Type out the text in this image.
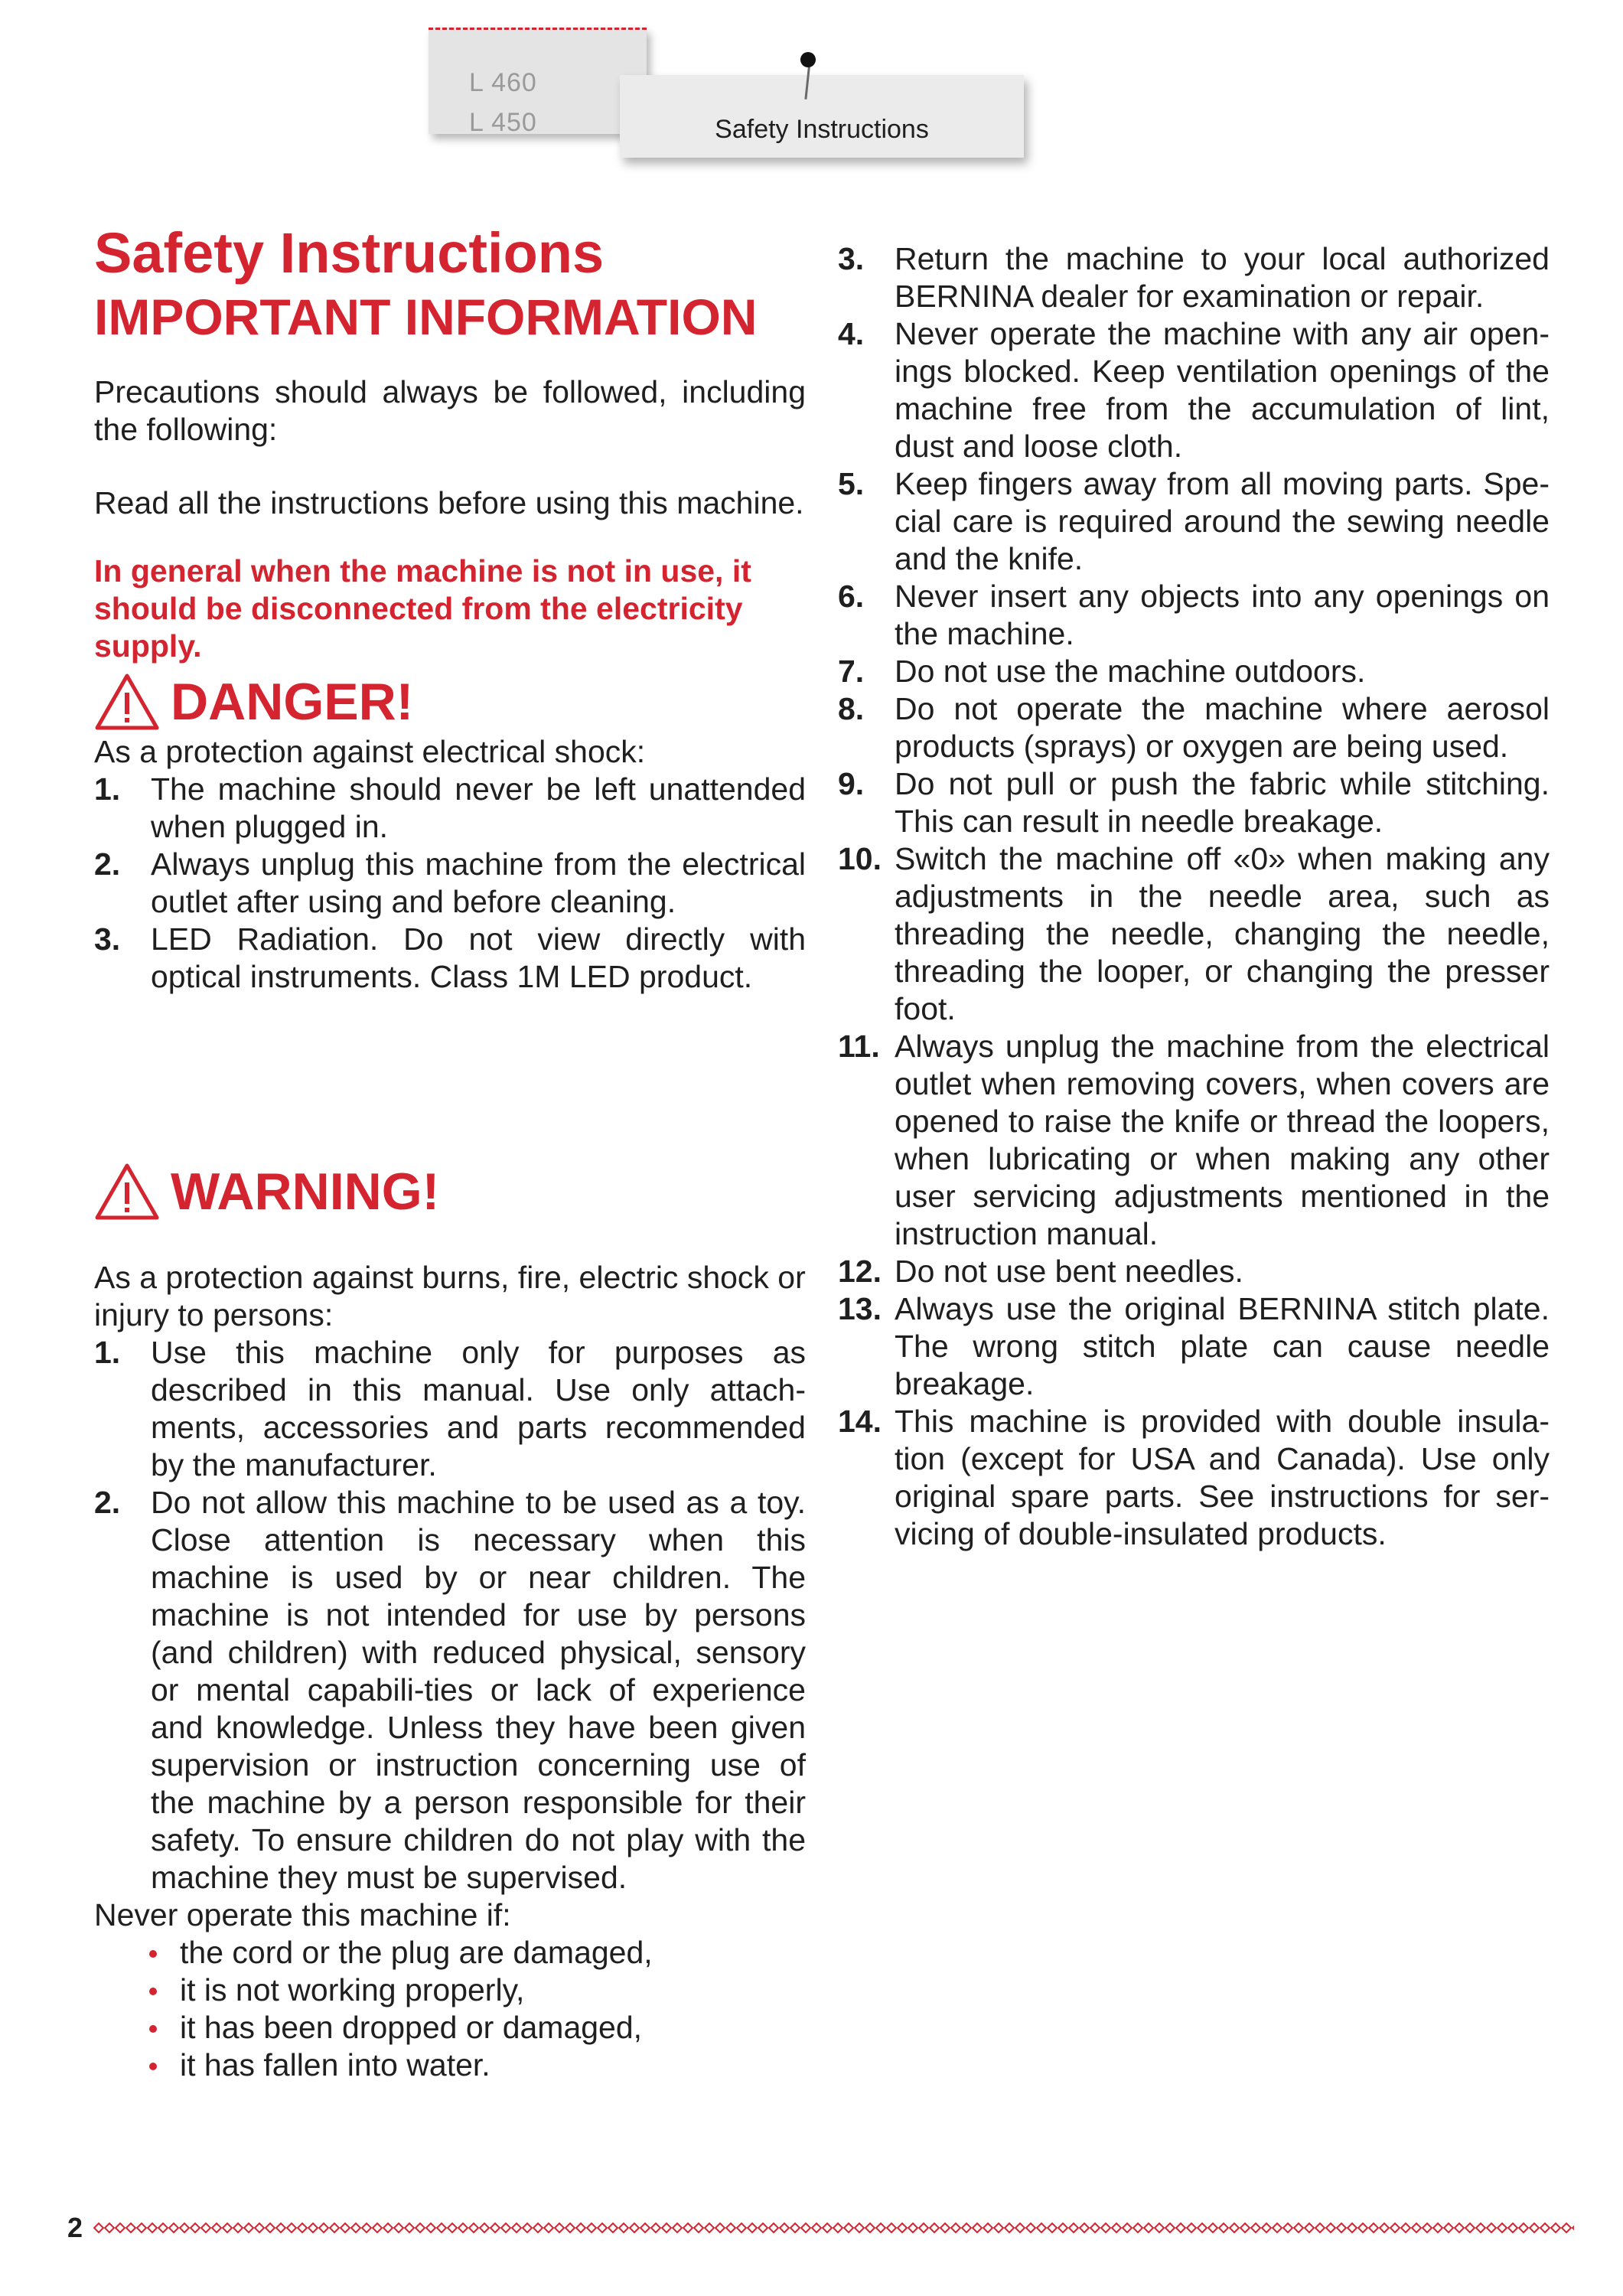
L 460
L 450	Safety Instructions
Safety Instructions
IMPORTANT INFORMATION
Precautions should always be followed, including the following:
Read all the instructions before using this machine.
In general when the machine is not in use, it should be disconnected from the electricity supply.
DANGER!
As a protection against electrical shock:
1. The machine should never be left unattended when plugged in.
2. Always unplug this machine from the electrical outlet after using and before cleaning.
3. LED Radiation. Do not view directly with optical instruments. Class 1M LED product.
WARNING!
As a protection against burns, fire, electric shock or injury to persons:
1. Use this machine only for purposes as described in this manual. Use only attach-ments, accessories and parts recommended by the manufacturer.
2. Do not allow this machine to be used as a toy. Close attention is necessary when this machine is used by or near children. The machine is not intended for use by persons (and children) with reduced physical, sensory or mental capabili-ties or lack of experience and knowledge. Unless they have been given supervision or instruction concerning use of the machine by a person responsible for their safety. To ensure children do not play with the machine they must be supervised.
Never operate this machine if:
the cord or the plug are damaged,
it is not working properly,
it has been dropped or damaged,
it has fallen into water.
3. Return the machine to your local authorized BERNINA dealer for examination or repair.
4. Never operate the machine with any air open-ings blocked. Keep ventilation openings of the machine free from the accumulation of lint, dust and loose cloth.
5. Keep fingers away from all moving parts. Spe-cial care is required around the sewing needle and the knife.
6. Never insert any objects into any openings on the machine.
7. Do not use the machine outdoors.
8. Do not operate the machine where aerosol products (sprays) or oxygen are being used.
9. Do not pull or push the fabric while stitching. This can result in needle breakage.
10. Switch the machine off «0» when making any adjustments in the needle area, such as threading the needle, changing the needle, threading the looper, or changing the presser foot.
11. Always unplug the machine from the electrical outlet when removing covers, when covers are opened to raise the knife or thread the loopers, when lubricating or when making any other user servicing adjustments mentioned in the instruction manual.
12. Do not use bent needles.
13. Always use the original BERNINA stitch plate. The wrong stitch plate can cause needle breakage.
14. This machine is provided with double insula-tion (except for USA and Canada). Use only original spare parts. See instructions for ser-vicing of double-insulated products.
2
